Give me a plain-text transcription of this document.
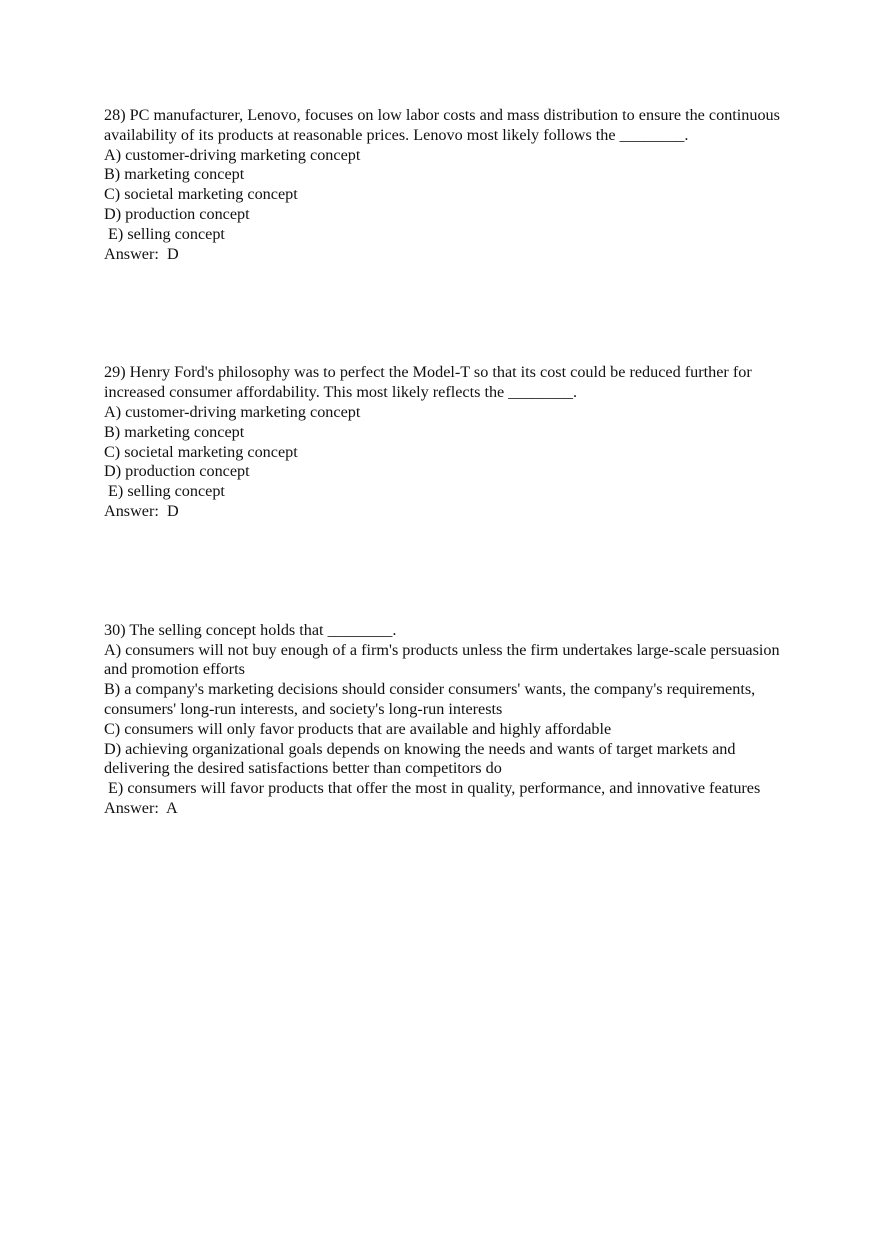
28) PC manufacturer, Lenovo, focuses on low labor costs and mass distribution to ensure the continuous availability of its products at reasonable prices. Lenovo most likely follows the ________.

A) customer-driving marketing concept

B) marketing concept

C) societal marketing concept

D) production concept

E) selling concept

Answer:  D

29) Henry Ford's philosophy was to perfect the Model-T so that its cost could be reduced further for increased consumer affordability. This most likely reflects the ________.

A) customer-driving marketing concept

B) marketing concept

C) societal marketing concept

D) production concept

E) selling concept

Answer:  D

30) The selling concept holds that ________.

A) consumers will not buy enough of a firm's products unless the firm undertakes large-scale persuasion and promotion efforts

B) a company's marketing decisions should consider consumers' wants, the company's requirements, consumers' long-run interests, and society's long-run interests

C) consumers will only favor products that are available and highly affordable

D) achieving organizational goals depends on knowing the needs and wants of target markets and delivering the desired satisfactions better than competitors do

E) consumers will favor products that offer the most in quality, performance, and innovative features

Answer:  A
